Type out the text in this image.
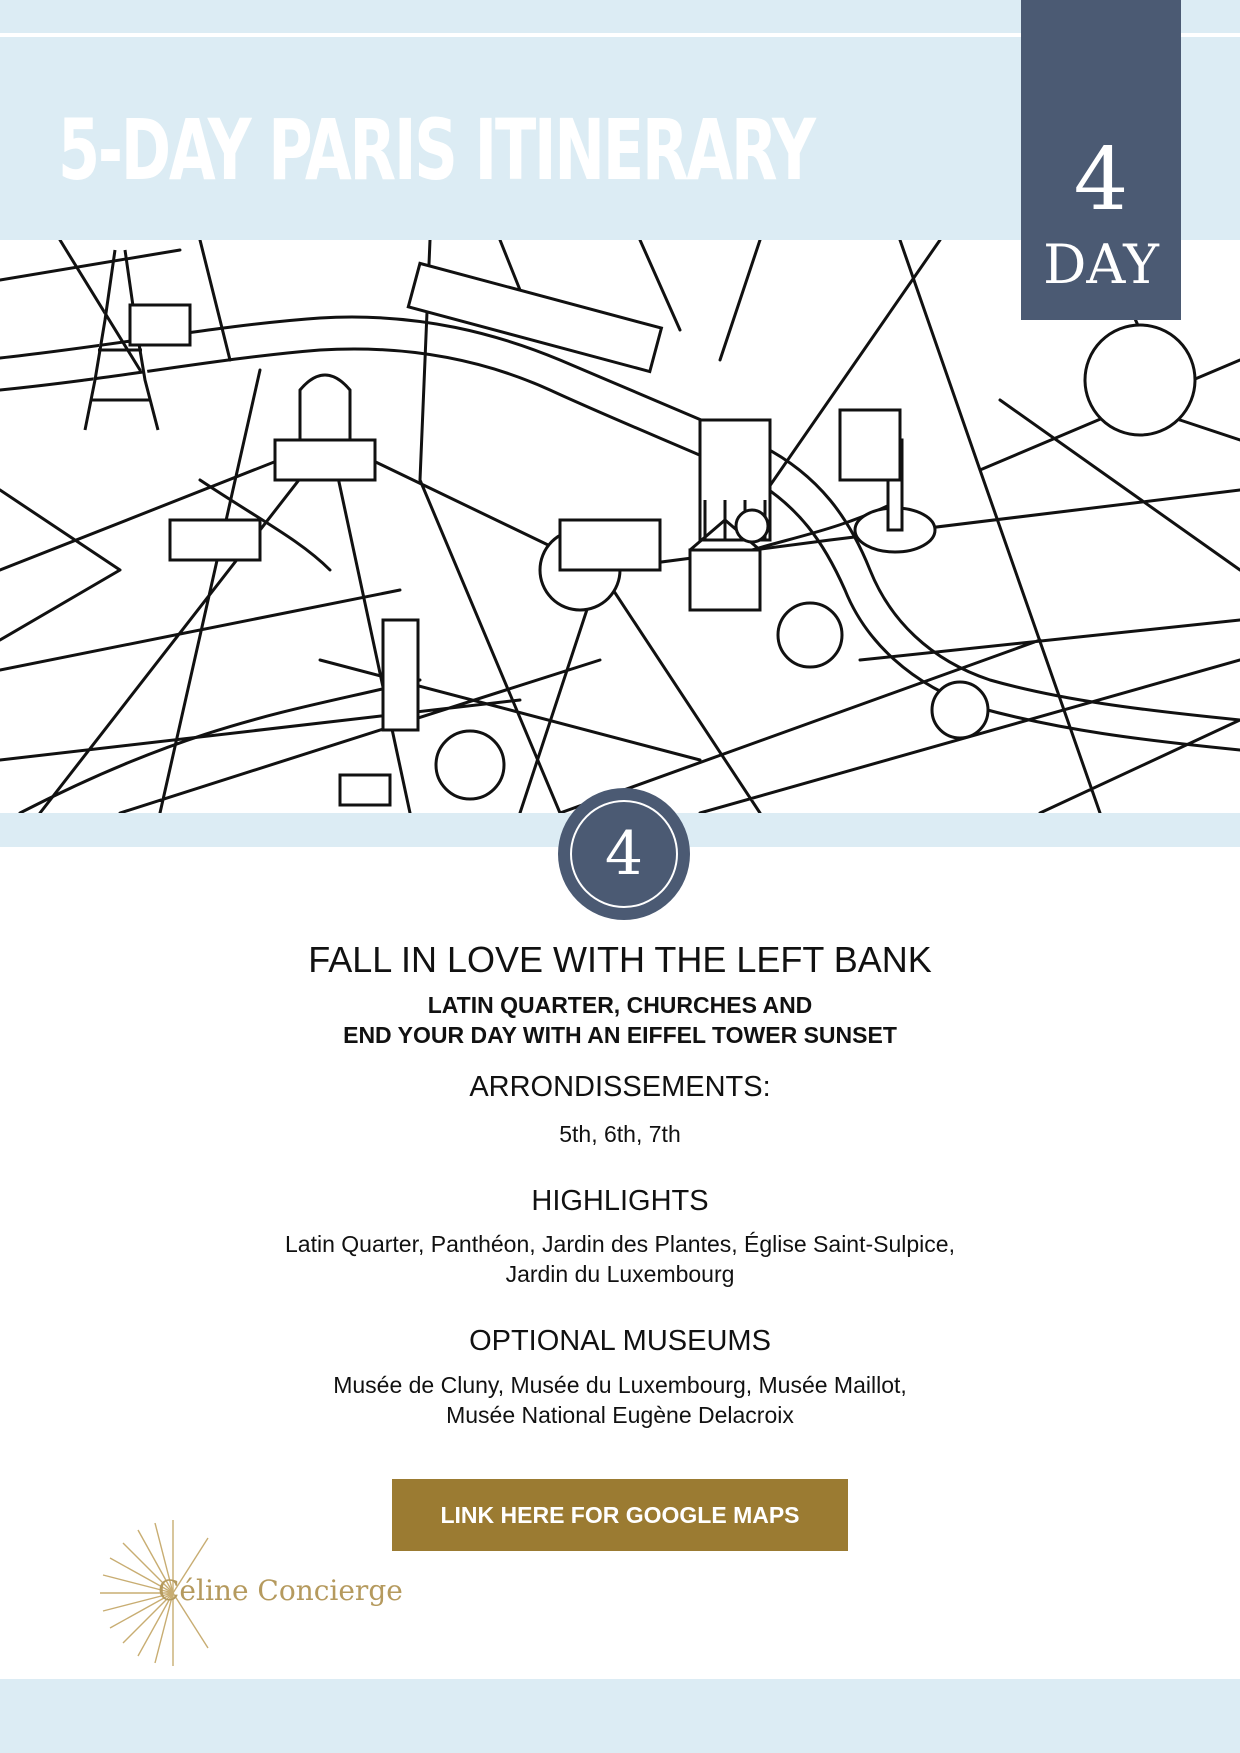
5-DAY PARIS ITINERARY	4
DAY
4
FALL IN LOVE WITH THE LEFT BANK
LATIN QUARTER, CHURCHES AND
END YOUR DAY WITH AN EIFFEL TOWER SUNSET
ARRONDISSEMENTS:
5th, 6th, 7th
HIGHLIGHTS
Latin Quarter, Panthéon, Jardin des Plantes, Église Saint-Sulpice,
Jardin du Luxembourg
OPTIONAL MUSEUMS
Musée de Cluny, Musée du Luxembourg, Musée Maillot,
Musée National Eugène Delacroix
LINK HERE FOR GOOGLE MAPS
Céline Concierge
